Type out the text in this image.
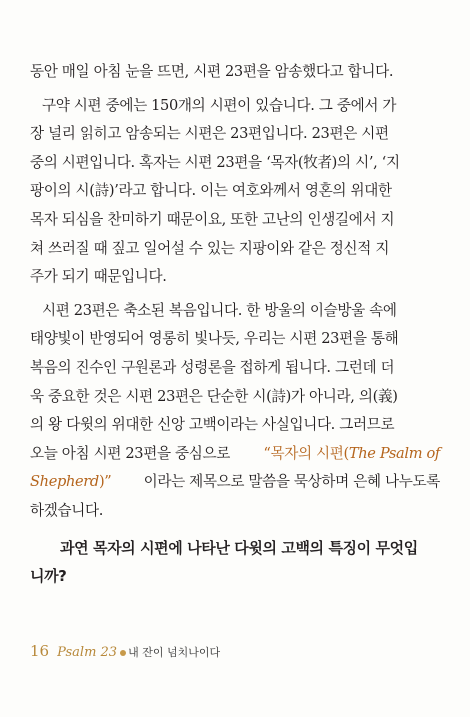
동안 매일 아침 눈을 뜨면, 시편 23편을 암송했다고 합니다.
구약 시편 중에는 150개의 시편이 있습니다. 그 중에서 가
장 널리 읽히고 암송되는 시편은 23편입니다. 23편은 시편
중의 시편입니다. 혹자는 시편 23편을 ‘목자(牧者)의 시’, ‘지
팡이의 시(詩)’라고 합니다. 이는 여호와께서 영혼의 위대한
목자 되심을 찬미하기 때문이요, 또한 고난의 인생길에서 지
쳐 쓰러질 때 짚고 일어설 수 있는 지팡이와 같은 정신적 지
주가 되기 때문입니다.
시편 23편은 축소된 복음입니다. 한 방울의 이슬방울 속에
태양빛이 반영되어 영롱히 빛나듯, 우리는 시편 23편을 통해
복음의 진수인 구원론과 성령론을 접하게 됩니다. 그런데 더
욱 중요한 것은 시편 23편은 단순한 시(詩)가 아니라, 의(義)
의 왕 다윗의 위대한 신앙 고백이라는 사실입니다. 그러므로
오늘 아침 시편 23편을 중심으로 “목자의 시편(The Psalm of
Shepherd)” 이라는 제목으로 말씀을 묵상하며 은혜 나누도록
하겠습니다.
과연 목자의 시편에 나타난 다윗의 고백의 특징이 무엇입
니까?
16 Psalm 23 내 잔이 넘치나이다
